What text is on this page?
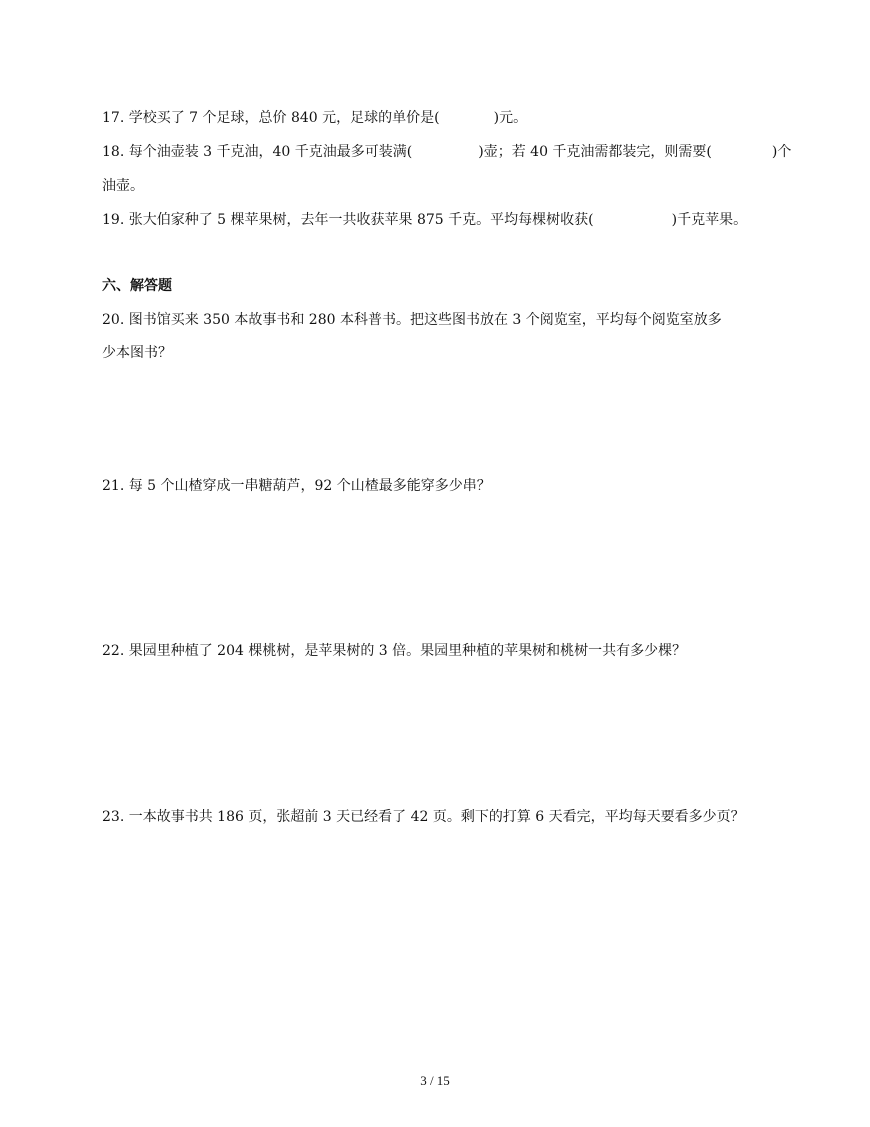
17. 学校买了 7 个足球，总价 840 元，足球的单价是(	)元。
18. 每个油壶装 3 千克油，40 千克油最多可装满(	)壶；若 40 千克油需都装完，则需要(	)个
油壶。
19. 张大伯家种了 5 棵苹果树，去年一共收获苹果 875 千克。平均每棵树收获(	)千克苹果。
六、解答题
20. 图书馆买来 350 本故事书和 280 本科普书。把这些图书放在 3 个阅览室，平均每个阅览室放多
少本图书？
21. 每 5 个山楂穿成一串糖葫芦，92 个山楂最多能穿多少串？
22. 果园里种植了 204 棵桃树，是苹果树的 3 倍。果园里种植的苹果树和桃树一共有多少棵？
23. 一本故事书共 186 页，张超前 3 天已经看了 42 页。剩下的打算 6 天看完，平均每天要看多少页？
3 / 15
